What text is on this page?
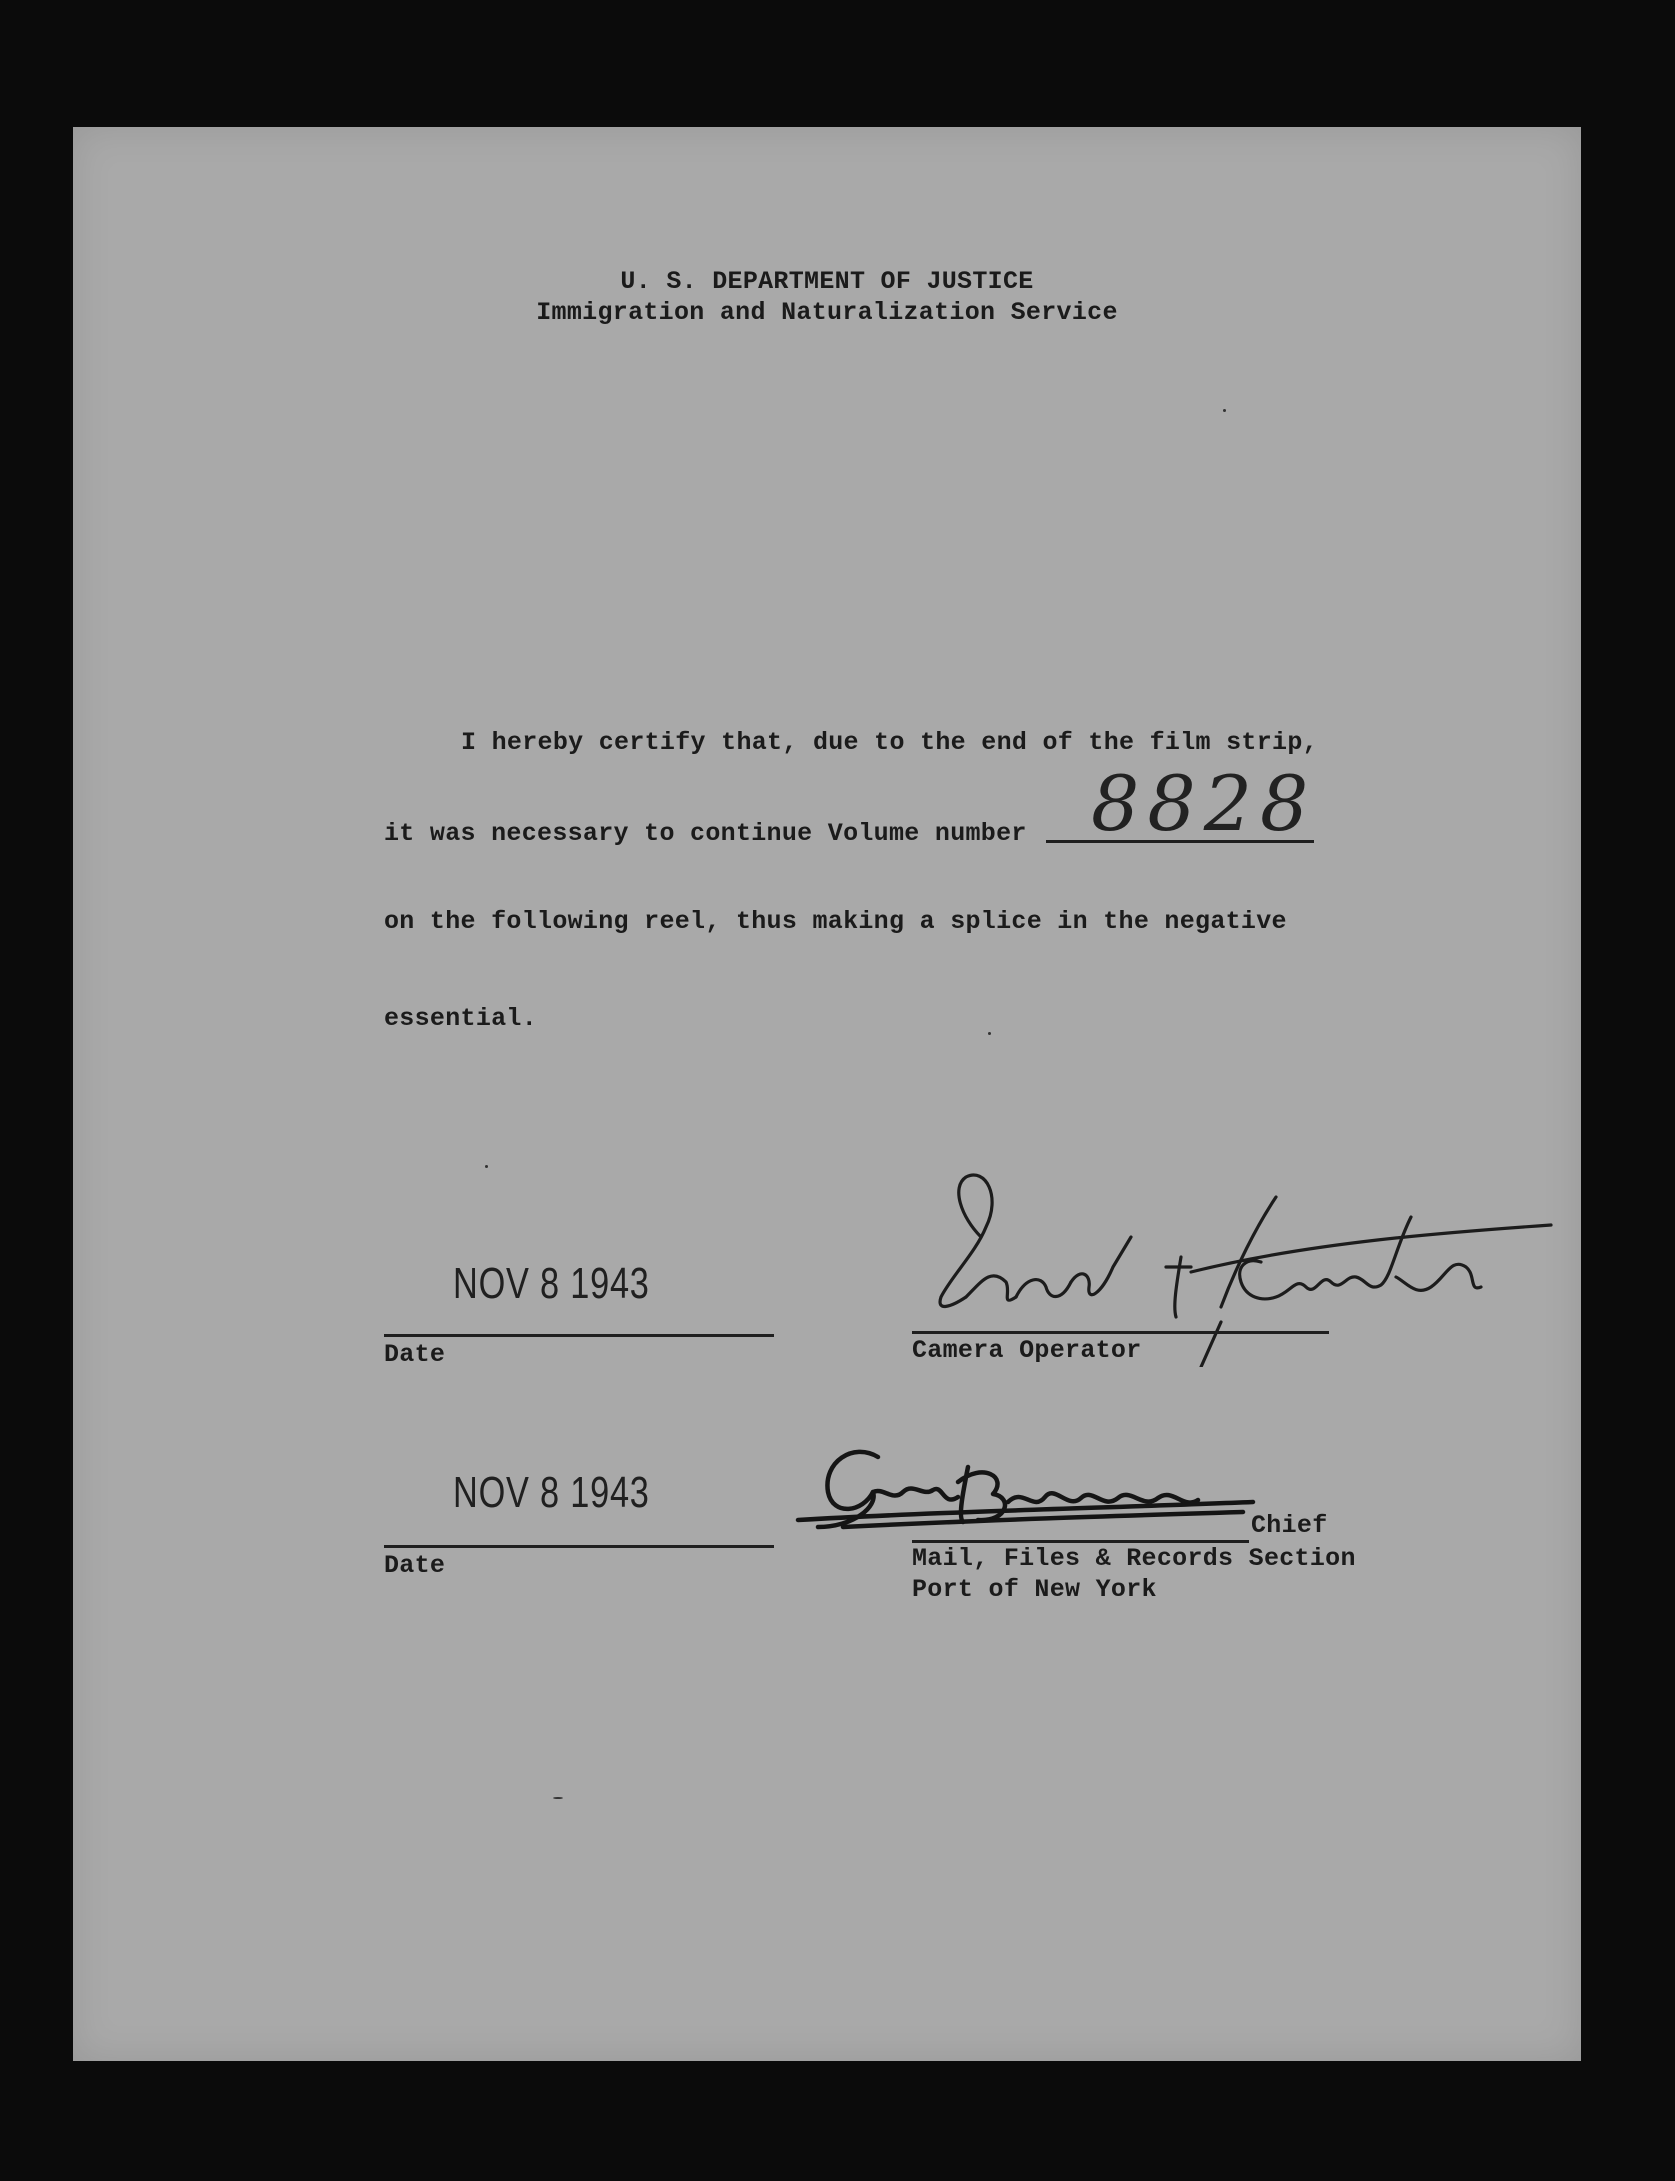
U. S. DEPARTMENT OF JUSTICE
Immigration and Naturalization Service
I hereby certify that, due to the end of the film strip,
it was necessary to continue Volume number 8828
on the following reel, thus making a splice in the negative
essential.
NOV 8 1943
Date	Camera Operator
NOV 8 1943
Date
Chief
Mail, Files & Records Section
Port of New York
